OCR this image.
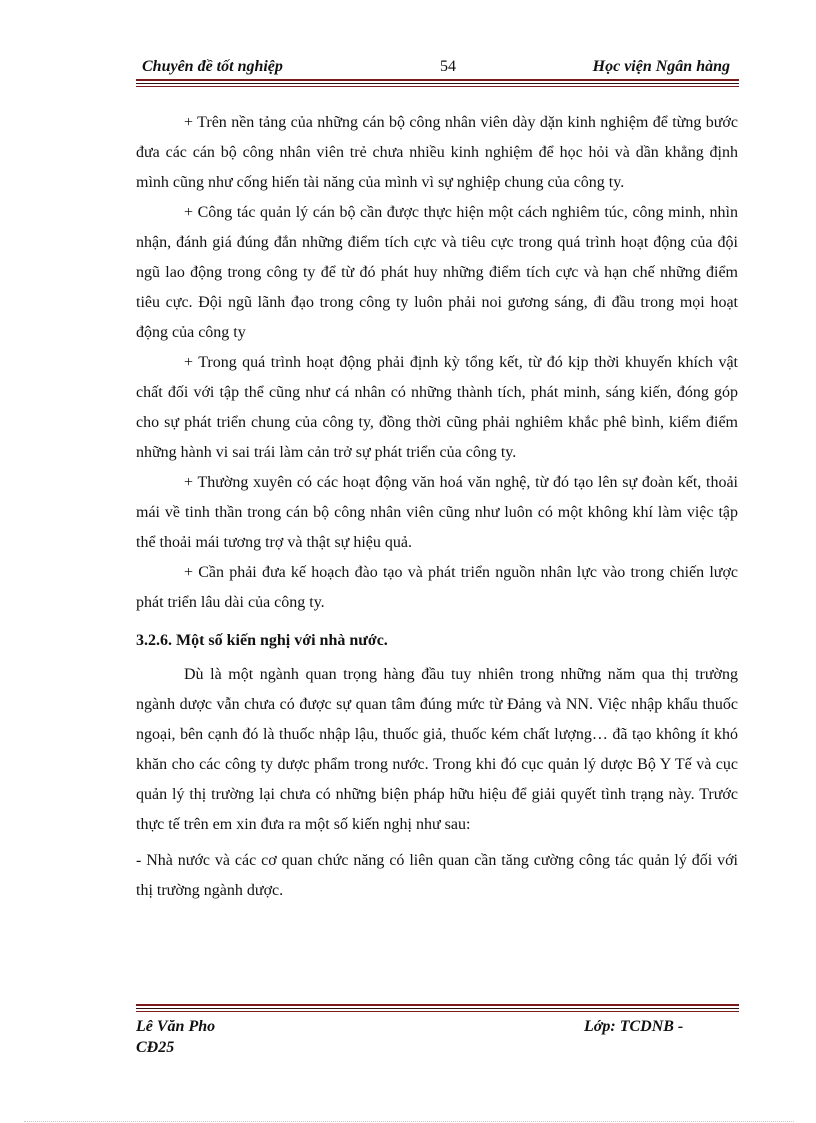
Chuyên đề tốt nghiệp	54	Học viện Ngân hàng

+ Trên nền tảng của những cán bộ công nhân viên dày dặn kinh nghiệm để từng bước đưa các cán bộ công nhân viên trẻ chưa nhiều kinh nghiệm để học hỏi và dần khẳng định mình cũng như cống hiến tài năng của mình vì sự nghiệp chung của công ty.

+ Công tác quản lý cán bộ cần được thực hiện một cách nghiêm túc, công minh, nhìn nhận, đánh giá đúng đắn những điểm tích cực và tiêu cực trong quá trình hoạt động của đội ngũ lao động trong công ty để từ đó phát huy những điểm tích cực và hạn chế những điểm tiêu cực. Đội ngũ lãnh đạo trong công ty luôn phải noi gương sáng, đi đầu trong mọi hoạt động của công ty

+ Trong quá trình hoạt động phải định kỳ tổng kết, từ đó kịp thời khuyến khích vật chất đối với tập thể cũng như cá nhân có những thành tích, phát minh, sáng kiến, đóng góp cho sự phát triển chung của công ty, đồng thời cũng phải nghiêm khắc phê bình, kiểm điểm những hành vi sai trái làm cản trở sự phát triển của công ty.

+ Thường xuyên có các hoạt động văn hoá văn nghệ, từ đó tạo lên sự đoàn kết, thoải mái về tinh thần trong cán bộ công nhân viên cũng như luôn có một không khí làm việc tập thể thoải mái tương trợ và thật sự hiệu quả.

+ Cần phải đưa kế hoạch đào tạo và phát triển nguồn nhân lực vào trong chiến lược phát triển lâu dài của công ty.

3.2.6. Một số kiến nghị với nhà nước.

Dù là một ngành quan trọng hàng đầu tuy nhiên trong những năm qua thị trường ngành dược vẫn chưa có được sự quan tâm đúng mức từ Đảng và NN. Việc nhập khẩu thuốc ngoại, bên cạnh đó là thuốc nhập lậu, thuốc giả, thuốc kém chất lượng… đã tạo không ít khó khăn cho các công ty dược phẩm trong nước. Trong khi đó cục quản lý dược Bộ Y Tế và cục quản lý thị trường lại chưa có những biện pháp hữu hiệu để giải quyết tình trạng này. Trước thực tế trên em xin đưa ra một số kiến nghị như sau:

- Nhà nước và các cơ quan chức năng có liên quan cần tăng cường công tác quản lý đối với thị trường ngành dược.

Lê Văn Pho	Lớp: TCDNB -
CĐ25
